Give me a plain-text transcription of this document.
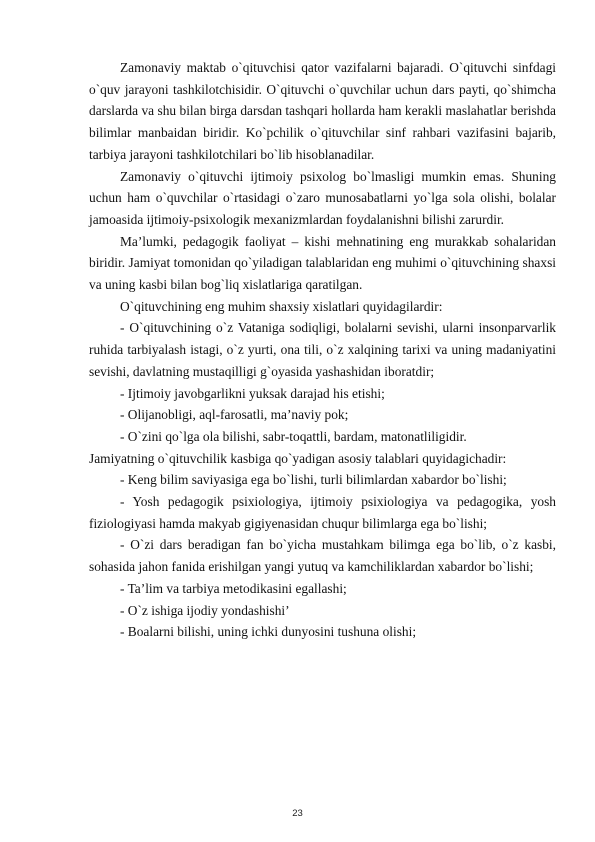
Zamonaviy maktab o`qituvchisi qator vazifalarni bajaradi. O`qituvchi sinfdagi o`quv jarayoni tashkilotchisidir. O`qituvchi o`quvchilar uchun dars payti, qo`shimcha darslarda va shu bilan birga darsdan tashqari hollarda ham kerakli maslahatlar berishda bilimlar manbaidan biridir. Ko`pchilik o`qituvchilar sinf rahbari vazifasini bajarib, tarbiya jarayoni tashkilotchilari bo`lib hisoblanadilar.

Zamonaviy o`qituvchi ijtimoiy psixolog bo`lmasligi mumkin emas. Shuning uchun ham o`quvchilar o`rtasidagi o`zaro munosabatlarni yo`lga sola olishi, bolalar jamoasida ijtimoiy-psixologik mexanizmlardan foydalanishni bilishi zarurdir.

Ma’lumki, pedagogik faoliyat – kishi mehnatining eng murakkab sohalaridan biridir. Jamiyat tomonidan qo`yiladigan talablaridan eng muhimi o`qituvchining shaxsi va uning kasbi bilan bog`liq xislatlariga qaratilgan.

O`qituvchining eng muhim shaxsiy xislatlari quyidagilardir:

- O`qituvchining o`z Vataniga sodiqligi, bolalarni sevishi, ularni insonparvarlik ruhida tarbiyalash istagi, o`z yurti, ona tili, o`z xalqining tarixi va uning madaniyatini sevishi, davlatning mustaqilligi g`oyasida yashashidan iboratdir;

- Ijtimoiy javobgarlikni yuksak darajad his etishi;

- Olijanobligi, aql-farosatli, ma’naviy pok;

- O`zini qo`lga ola bilishi, sabr-toqattli, bardam, matonatliligidir.

Jamiyatning o`qituvchilik kasbiga qo`yadigan asosiy talablari quyidagichadir:

- Keng bilim saviyasiga ega bo`lishi, turli bilimlardan xabardor bo`lishi;

- Yosh pedagogik psixiologiya, ijtimoiy psixiologiya va pedagogika, yosh fiziologiyasi hamda makyab gigiyenasidan chuqur bilimlarga ega bo`lishi;

- O`zi dars beradigan fan bo`yicha mustahkam bilimga ega bo`lib, o`z kasbi, sohasida jahon fanida erishilgan yangi yutuq va kamchiliklardan xabardor bo`lishi;

- Ta’lim va tarbiya metodikasini egallashi;

- O`z ishiga ijodiy yondashishi’

- Boalarni bilishi, uning ichki dunyosini tushuna olishi;

23
